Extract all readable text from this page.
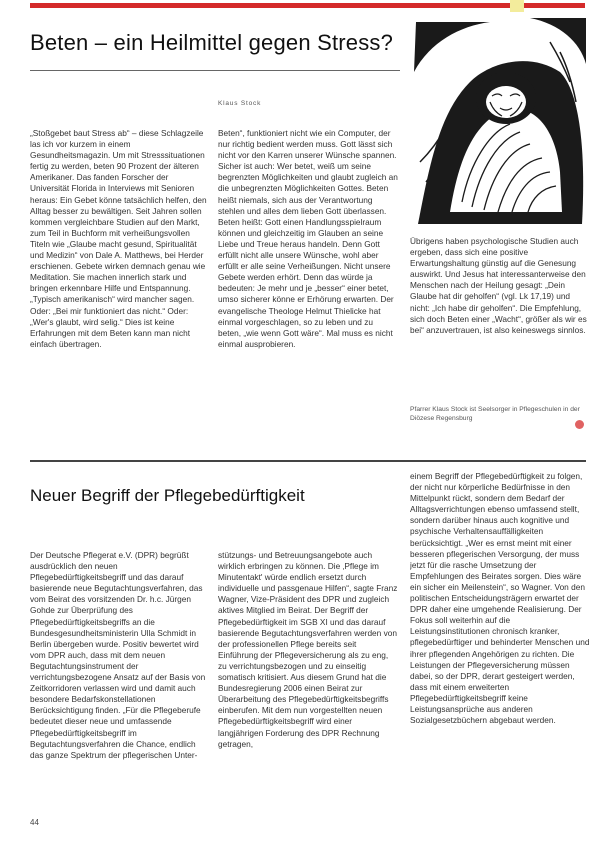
Beten – ein Heilmittel gegen Stress?
Klaus Stock

„Stoßgebet baut Stress ab“ – diese Schlagzeile las ich vor kurzem in einem Gesundheitsmagazin. Um mit Stresssituationen fertig zu werden, beten 90 Prozent der älteren Amerikaner. Das fanden Forscher der Universität Florida in Interviews mit Senioren heraus: Ein Gebet könne tatsächlich helfen, den Alltag besser zu bewältigen. Seit Jahren sollen kommen vergleichbare Studien auf den Markt, zum Teil in Buchform mit verheißungsvollen Titeln wie „Glaube macht gesund, Spiritualität und Medizin“ von Dale A. Matthews, bei Herder erschienen. Gebete wirken demnach genau wie Meditation. Sie machen innerlich stark und bringen erkennbare Hilfe und Entspannung. „Typisch amerikanisch“ wird mancher sagen. Oder: „Bei mir funktioniert das nicht.“ Oder: „Wer's glaubt, wird selig.“ Dies ist keine Erfahrungen mit dem Beten kann man nicht einfach übertragen.

Beten“, funktioniert nicht wie ein Computer, der nur richtig bedient werden muss. Gott lässt sich nicht vor den Karren unserer Wünsche spannen. Sicher ist auch: Wer betet, weiß um seine begrenzten Möglichkeiten und glaubt zugleich an die unbegrenzten Möglichkeiten Gottes. Beten heißt niemals, sich aus der Verantwortung stehlen und alles dem lieben Gott überlassen. Beten heißt: Gott einen Handlungsspielraum können und gleichzeitig im Glauben an seine Liebe und Treue heraus handeln. Denn Gott erfüllt nicht alle unsere Wünsche, wohl aber erfüllt er alle seine Verheißungen. Nicht unsere Gebete werden erhört. Denn das würde ja bedeuten: Je mehr und je „besser“ einer betet, umso sicherer könne er Erhörung erwarten. Der evangelische Theologe Helmut Thielicke hat einmal vorgeschlagen, so zu leben und zu beten, „wie wenn Gott wäre“. Mal muss es nicht einmal ausprobieren.

Übrigens haben psychologische Studien auch ergeben, dass sich eine positive Erwartungshaltung günstig auf die Genesung auswirkt. Und Jesus hat interessanterweise den Menschen nach der Heilung gesagt: „Dein Glaube hat dir geholfen“ (vgl. Lk 17,19) und nicht: „Ich habe dir geholfen“. Die Empfehlung, sich doch Beten einer „Wacht“, größer als wir es bei“ anzuvertrauen, ist also keineswegs sinnlos.

Pfarrer Klaus Stock ist Seelsorger in Pflegeschulen in der Diözese Regensburg
Neuer Begriff der Pflegebedürftigkeit

Der Deutsche Pflegerat e.V. (DPR) begrüßt ausdrücklich den neuen Pflegebedürftigkeitsbegriff und das darauf basierende neue Begutachtungsverfahren, das vom Beirat des vorsitzenden Dr. h.c. Jürgen Gohde zur Überprüfung des Pflegebedürftigkeitsbegriffs an die Bundesgesundheitsministerin Ulla Schmidt in Berlin übergeben wurde. Positiv bewertet wird vom DPR auch, dass mit dem neuen Begutachtungsinstrument der verrichtungsbezogene Ansatz auf der Basis von Zeitkorridoren verlassen wird und damit auch besondere Bedarfskonstellationen Berücksichtigung finden. „Für die Pflegeberufe bedeutet dieser neue und umfassende Pflegebedürftigkeitsbegriff im Begutachtungsverfahren die Chance, endlich das ganze Spektrum der pflegerischen Unter-

stützungs- und Betreuungsangebote auch wirklich erbringen zu können. Die ‚Pflege im Minutentakt' würde endlich ersetzt durch individuelle und passgenaue Hilfen“, sagte Franz Wagner, Vize-Präsident des DPR und zugleich aktives Mitglied im Beirat. Der Begriff der Pflegebedürftigkeit im SGB XI und das darauf basierende Begutachtungsverfahren werden von der professionellen Pflege bereits seit Einführung der Pflegeversicherung als zu eng, zu verrichtungsbezogen und zu einseitig somatisch kritisiert. Aus diesem Grund hat die Bundesregierung 2006 einen Beirat zur Überarbeitung des Pflegebedürftigkeitsbegriffs einberufen. Mit dem nun vorgestellten neuen Pflegebedürftigkeitsbegriff wird einer langjährigen Forderung des DPR Rechnung getragen,

einem Begriff der Pflegebedürftigkeit zu folgen, der nicht nur körperliche Bedürfnisse in den Mittelpunkt rückt, sondern dem Bedarf der Alltagsverrichtungen ebenso umfassend stellt, sondern darüber hinaus auch kognitive und psychische Verhaltensauffälligkeiten berücksichtigt. „Wer es ernst meint mit einer besseren pflegerischen Versorgung, der muss jetzt für die rasche Umsetzung der Empfehlungen des Beirates sorgen. Dies wäre ein sicher ein Meilenstein“, so Wagner. Von den politischen Entscheidungsträgern erwartet der DPR daher eine umgehende Realisierung. Der Fokus soll weiterhin auf die Leistungsinstitutionen chronisch kranker, pflegebedürftiger und behinderter Menschen und ihrer pflegenden Angehörigen zu richten. Die Leistungen der Pflegeversicherung müssen dabei, so der DPR, derart gesteigert werden, dass mit einem erweiterten Pflegebedürftigkeitsbegriff keine Leistungsansprüche aus anderen Sozialgesetzbüchern abgebaut werden.

44
